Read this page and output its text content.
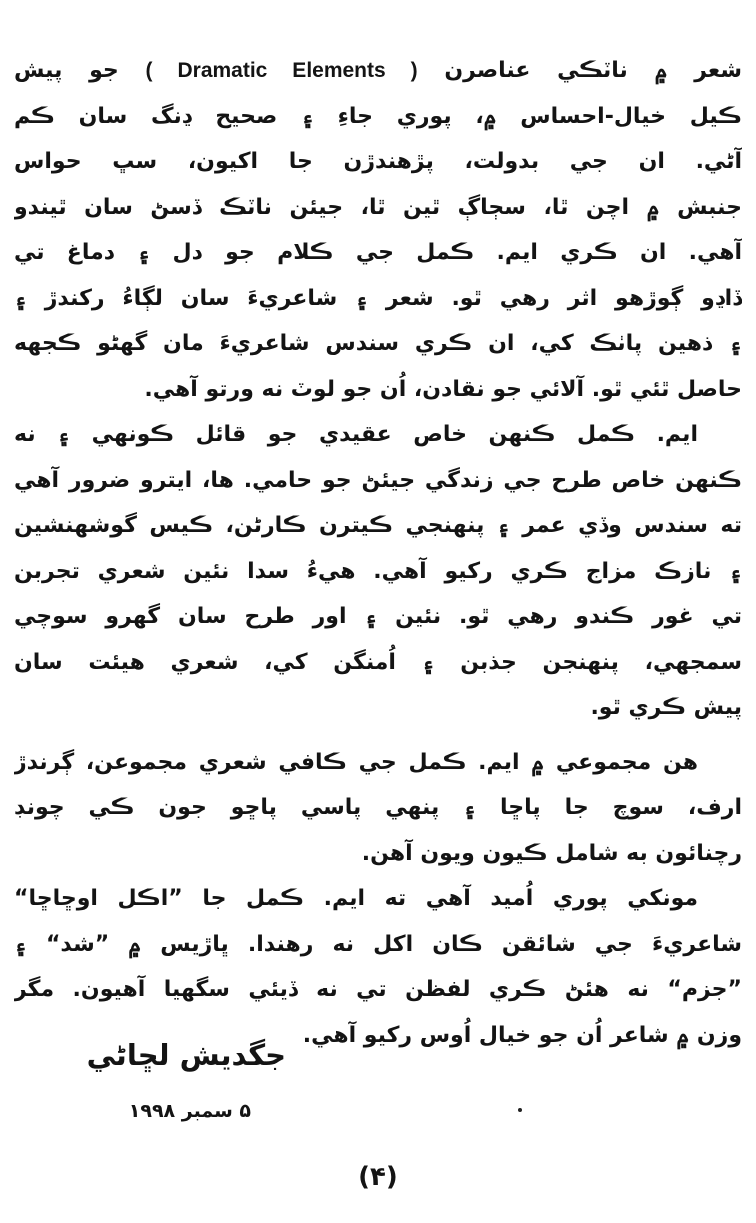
شعر ۾ ناٽڪي عناصرن ( Dramatic Elements ) جو پيش
ڪيل خيال-احساس ۾، پوري جاءِ ۽ صحيح ڍنگ سان ڪم
آڻي. ان جي بدولت، پڙهندڙن جا اکيون، سڀ حواس
جنبش ۾ اچن ٿا، سڄاڳ ٿين ٿا، جيئن ناٽڪ ڏسڻ سان ٿيندو
آهي. ان ڪري ايم. ڪمل جي ڪلام جو دل ۽ دماغ تي
ڏاڍو ڳوڙهو اثر رهي ٿو. شعر ۽ شاعريءَ سان لڳاءُ رکندڙ ۽
۽ ذهين پاٺڪ کي، ان ڪري سندس شاعريءَ مان گهڻو ڪجهه
حاصل ٿئي ٿو. آلائي جو نقادن، اُن جو لوٽ نه ورتو آهي.
ايم. ڪمل ڪنهن خاص عقيدي جو قائل ڪونهي ۽ نه
ڪنهن خاص طرح جي زندگي جيئڻ جو حامي. ها، ايترو ضرور آهي
ته سندس وڏي عمر ۽ پنهنجي ڪيترن ڪارڻن، ڪيس گوشهنشين
۽ نازڪ مزاج ڪري رکيو آهي. هيءُ سدا نئين شعري تجربن
تي غور ڪندو رهي ٿو. نئين ۽ اور طرح سان گهرو سوچي
سمجهي، پنهنجن جذبن ۽ اُمنگن کي، شعري هيئت سان
پيش ڪري ٿو.
هن مجموعي ۾ ايم. ڪمل جي ڪافي شعري مجموعن، ڳرندڙ
ارف، سوچ جا پاڇا ۽ پنهي پاسي پاڇو جون ڪي چونڊ
رچنائون به شامل ڪيون ويون آهن.
مونکي پوري اُميد آهي ته ايم. ڪمل جا ”اڪل اوڇاڇا“
شاعريءَ جي شائقن ڪان اکل نه رهندا. ڀاڙيس ۾ ”شد“ ۽
”جزم“ نه هئڻ ڪري لفظن تي نه ڏيئي سگهيا آهيون. مگر
وزن ۾ شاعر اُن جو خيال اُوس رکيو آهي.
جگديش لڇاڻي
۵ سمبر ۱۹۹۸
(۴)
